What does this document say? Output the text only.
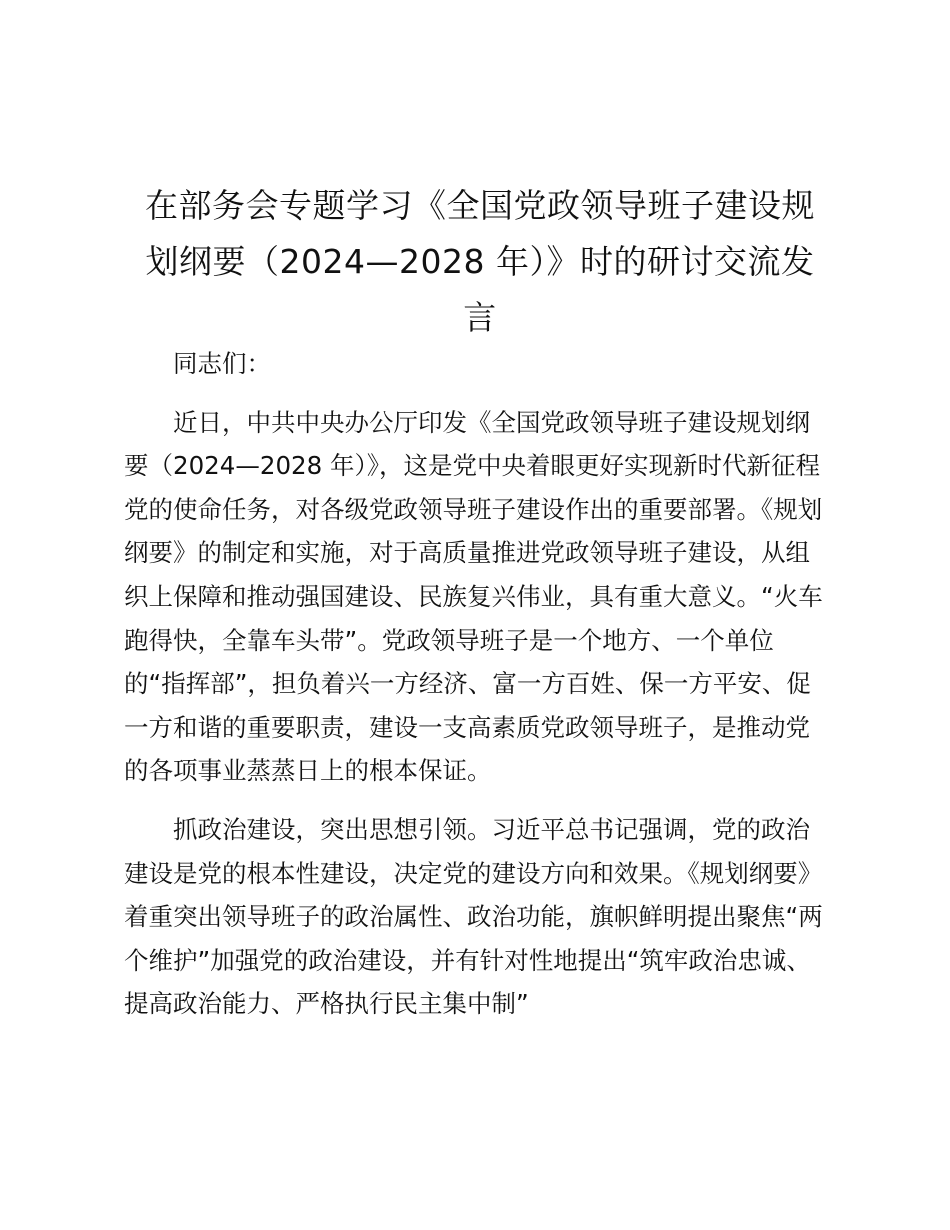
在部务会专题学习《全国党政领导班子建设规
划纲要（2024—2028 年）》时的研讨交流发
言

同志们：

近日，中共中央办公厅印发《全国党政领导班子建设规划纲要（2024—2028 年）》，这是党中央着眼更好实现新时代新征程党的使命任务，对各级党政领导班子建设作出的重要部署。《规划纲要》的制定和实施，对于高质量推进党政领导班子建设，从组织上保障和推动强国建设、民族复兴伟业，具有重大意义。“火车跑得快，全靠车头带”。党政领导班子是一个地方、一个单位的“指挥部”，担负着兴一方经济、富一方百姓、保一方平安、促一方和谐的重要职责，建设一支高素质党政领导班子，是推动党的各项事业蒸蒸日上的根本保证。

抓政治建设，突出思想引领。习近平总书记强调，党的政治建设是党的根本性建设，决定党的建设方向和效果。《规划纲要》着重突出领导班子的政治属性、政治功能，旗帜鲜明提出聚焦“两个维护”加强党的政治建设，并有针对性地提出“筑牢政治忠诚、提高政治能力、严格执行民主集中制”
